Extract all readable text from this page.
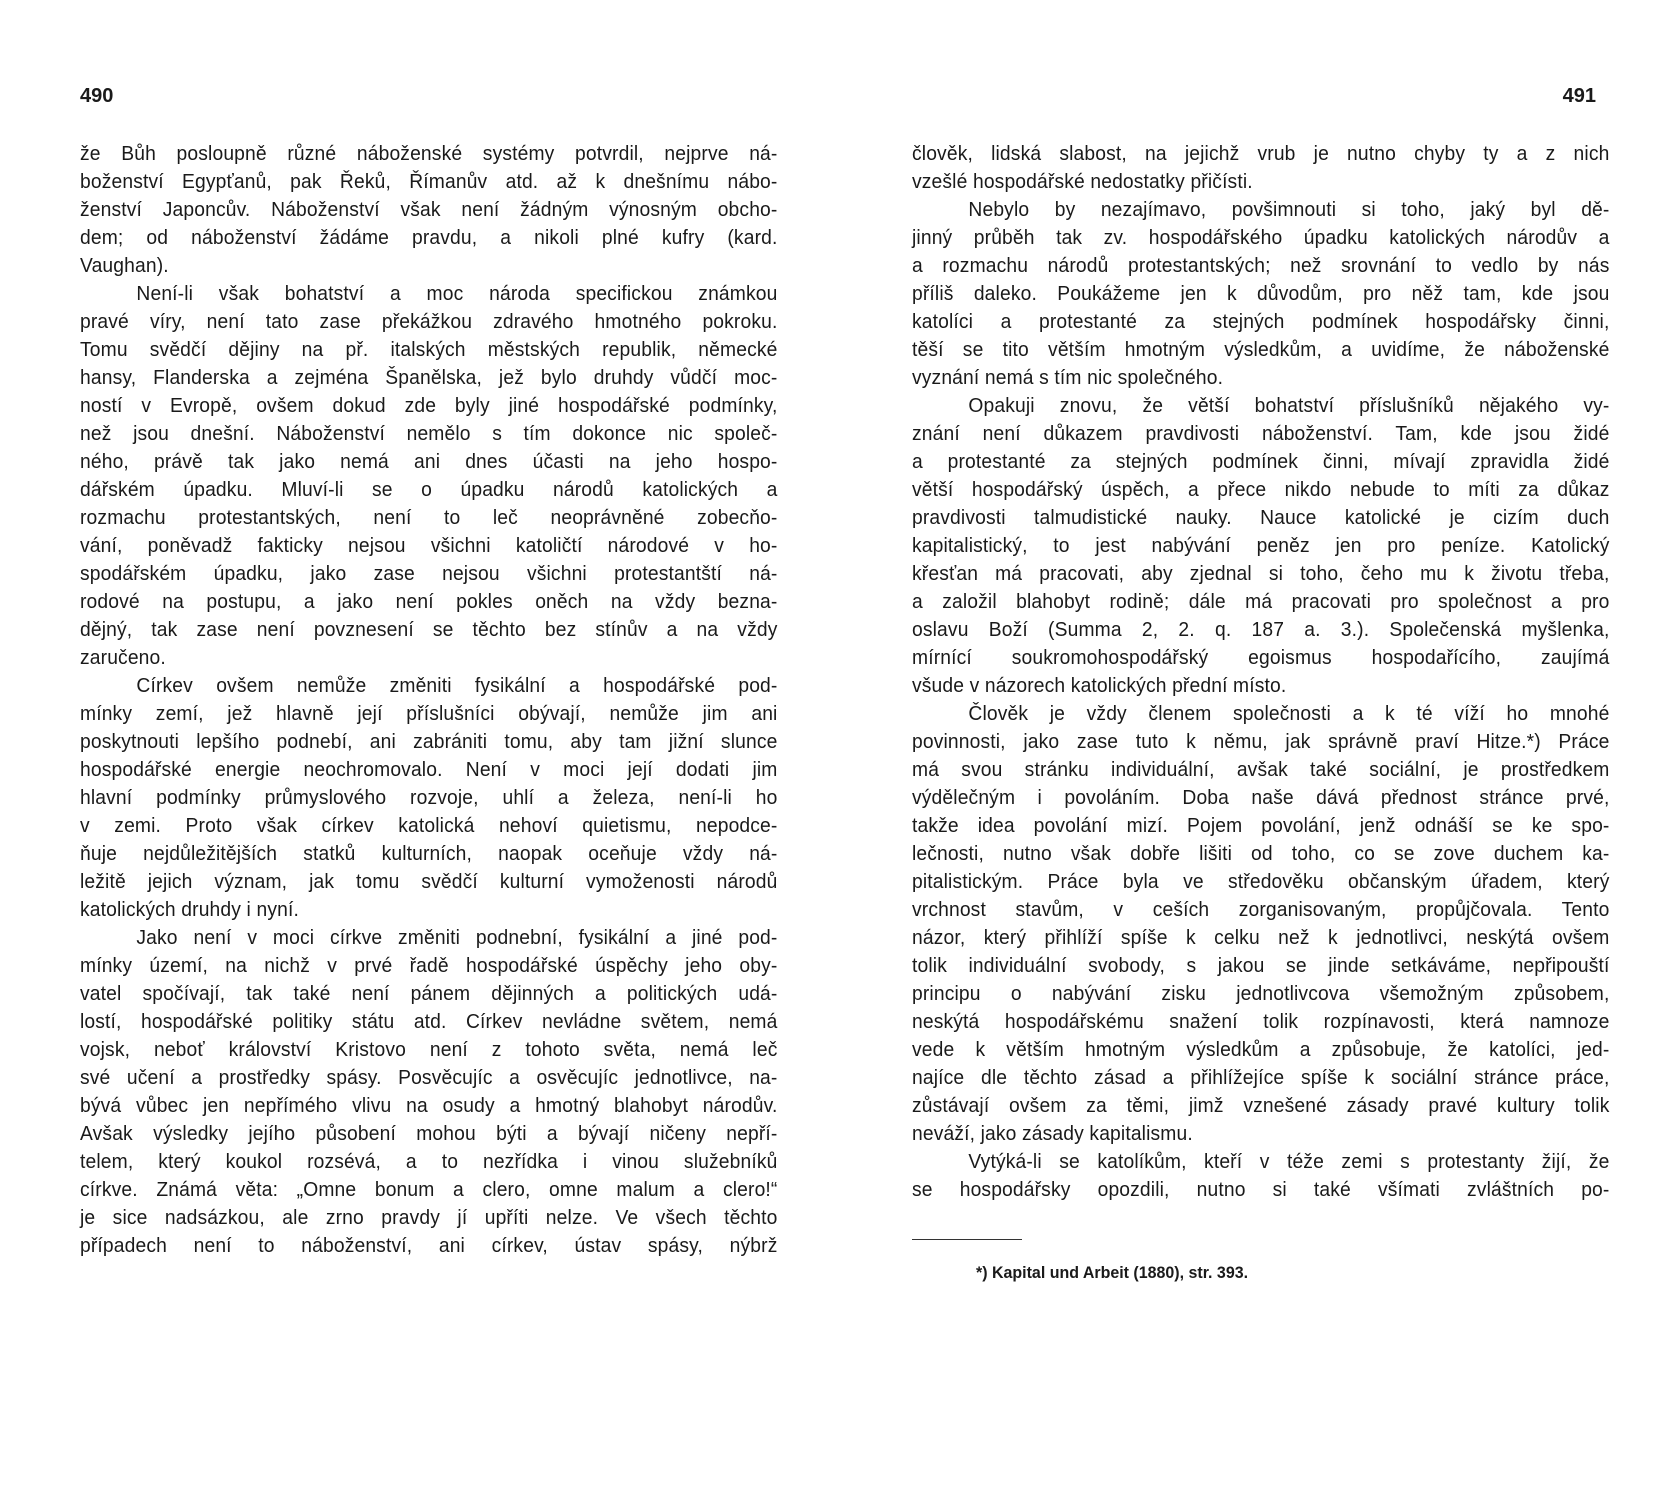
490
že Bůh posloupně různé náboženské systémy potvrdil, nejprve ná-
boženství Egypťanů, pak Řeků, Římanův atd. až k dnešnímu nábo-
ženství Japoncův. Náboženství však není žádným výnosným obcho-
dem; od náboženství žádáme pravdu, a nikoli plné kufry (kard.
Vaughan).
Není-li však bohatství a moc národa specifickou známkou
pravé víry, není tato zase překážkou zdravého hmotného pokroku.
Tomu svědčí dějiny na př. italských městských republik, německé
hansy, Flanderska a zejména Španělska, jež bylo druhdy vůdčí moc-
ností v Evropě, ovšem dokud zde byly jiné hospodářské podmínky,
než jsou dnešní. Náboženství nemělo s tím dokonce nic společ-
ného, právě tak jako nemá ani dnes účasti na jeho hospo-
dářském úpadku. Mluví-li se o úpadku národů katolických a
rozmachu protestantských, není to leč neoprávněné zobecňo-
vání, poněvadž fakticky nejsou všichni katoličtí národové v ho-
spodářském úpadku, jako zase nejsou všichni protestantští ná-
rodové na postupu, a jako není pokles oněch na vždy bezna-
dějný, tak zase není povznesení se těchto bez stínův a na vždy
zaručeno.
Církev ovšem nemůže změniti fysikální a hospodářské pod-
mínky zemí, jež hlavně její příslušníci obývají, nemůže jim ani
poskytnouti lepšího podnebí, ani zabrániti tomu, aby tam jižní slunce
hospodářské energie neochromovalo. Není v moci její dodati jim
hlavní podmínky průmyslového rozvoje, uhlí a železa, není-li ho
v zemi. Proto však církev katolická nehoví quietismu, nepodce-
ňuje nejdůležitějších statků kulturních, naopak oceňuje vždy ná-
ležitě jejich význam, jak tomu svědčí kulturní vymoženosti národů
katolických druhdy i nyní.
Jako není v moci církve změniti podnební, fysikální a jiné pod-
mínky území, na nichž v prvé řadě hospodářské úspěchy jeho oby-
vatel spočívají, tak také není pánem dějinných a politických udá-
lostí, hospodářské politiky státu atd. Církev nevládne světem, nemá
vojsk, neboť království Kristovo není z tohoto světa, nemá leč
své učení a prostředky spásy. Posvěcujíc a osvěcujíc jednotlivce, na-
bývá vůbec jen nepřímého vlivu na osudy a hmotný blahobyt národův.
Avšak výsledky jejího působení mohou býti a bývají ničeny nepří-
telem, který koukol rozsévá, a to nezřídka i vinou služebníků
církve. Známá věta: „Omne bonum a clero, omne malum a clero!“
je sice nadsázkou, ale zrno pravdy jí upříti nelze. Ve všech těchto
případech není to náboženství, ani církev, ústav spásy, nýbrž
491
člověk, lidská slabost, na jejichž vrub je nutno chyby ty a z nich
vzešlé hospodářské nedostatky přičísti.
Nebylo by nezajímavo, povšimnouti si toho, jaký byl dě-
jinný průběh tak zv. hospodářského úpadku katolických národův a
a rozmachu národů protestantských; než srovnání to vedlo by nás
příliš daleko. Poukážeme jen k důvodům, pro něž tam, kde jsou
katolíci a protestanté za stejných podmínek hospodářsky činni,
těší se tito větším hmotným výsledkům, a uvidíme, že náboženské
vyznání nemá s tím nic společného.
Opakuji znovu, že větší bohatství příslušníků nějakého vy-
znání není důkazem pravdivosti náboženství. Tam, kde jsou židé
a protestanté za stejných podmínek činni, mívají zpravidla židé
větší hospodářský úspěch, a přece nikdo nebude to míti za důkaz
pravdivosti talmudistické nauky. Nauce katolické je cizím duch
kapitalistický, to jest nabývání peněz jen pro peníze. Katolický
křesťan má pracovati, aby zjednal si toho, čeho mu k životu třeba,
a založil blahobyt rodině; dále má pracovati pro společnost a pro
oslavu Boží (Summa 2, 2. q. 187 a. 3.). Společenská myšlenka,
mírnící soukromohospodářský egoismus hospodařícího, zaujímá
všude v názorech katolických přední místo.
Člověk je vždy členem společnosti a k té víží ho mnohé
povinnosti, jako zase tuto k němu, jak správně praví Hitze.*) Práce
má svou stránku individuální, avšak také sociální, je prostředkem
výdělečným i povoláním. Doba naše dává přednost stránce prvé,
takže idea povolání mizí. Pojem povolání, jenž odnáší se ke spo-
lečnosti, nutno však dobře lišiti od toho, co se zove duchem ka-
pitalistickým. Práce byla ve středověku občanským úřadem, který
vrchnost stavům, v ceších zorganisovaným, propůjčovala. Tento
názor, který přihlíží spíše k celku než k jednotlivci, neskýtá ovšem
tolik individuální svobody, s jakou se jinde setkáváme, nepřipouští
principu o nabývání zisku jednotlivcova všemožným způsobem,
neskýtá hospodářskému snažení tolik rozpínavosti, která namnoze
vede k větším hmotným výsledkům a způsobuje, že katolíci, jed-
najíce dle těchto zásad a přihlížejíce spíše k sociální stránce práce,
zůstávají ovšem za těmi, jimž vznešené zásady pravé kultury tolik
neváží, jako zásady kapitalismu.
Vytýká-li se katolíkům, kteří v téže zemi s protestanty žijí, že
se hospodářsky opozdili, nutno si také všímati zvláštních po-
*) Kapital und Arbeit (1880), str. 393.
